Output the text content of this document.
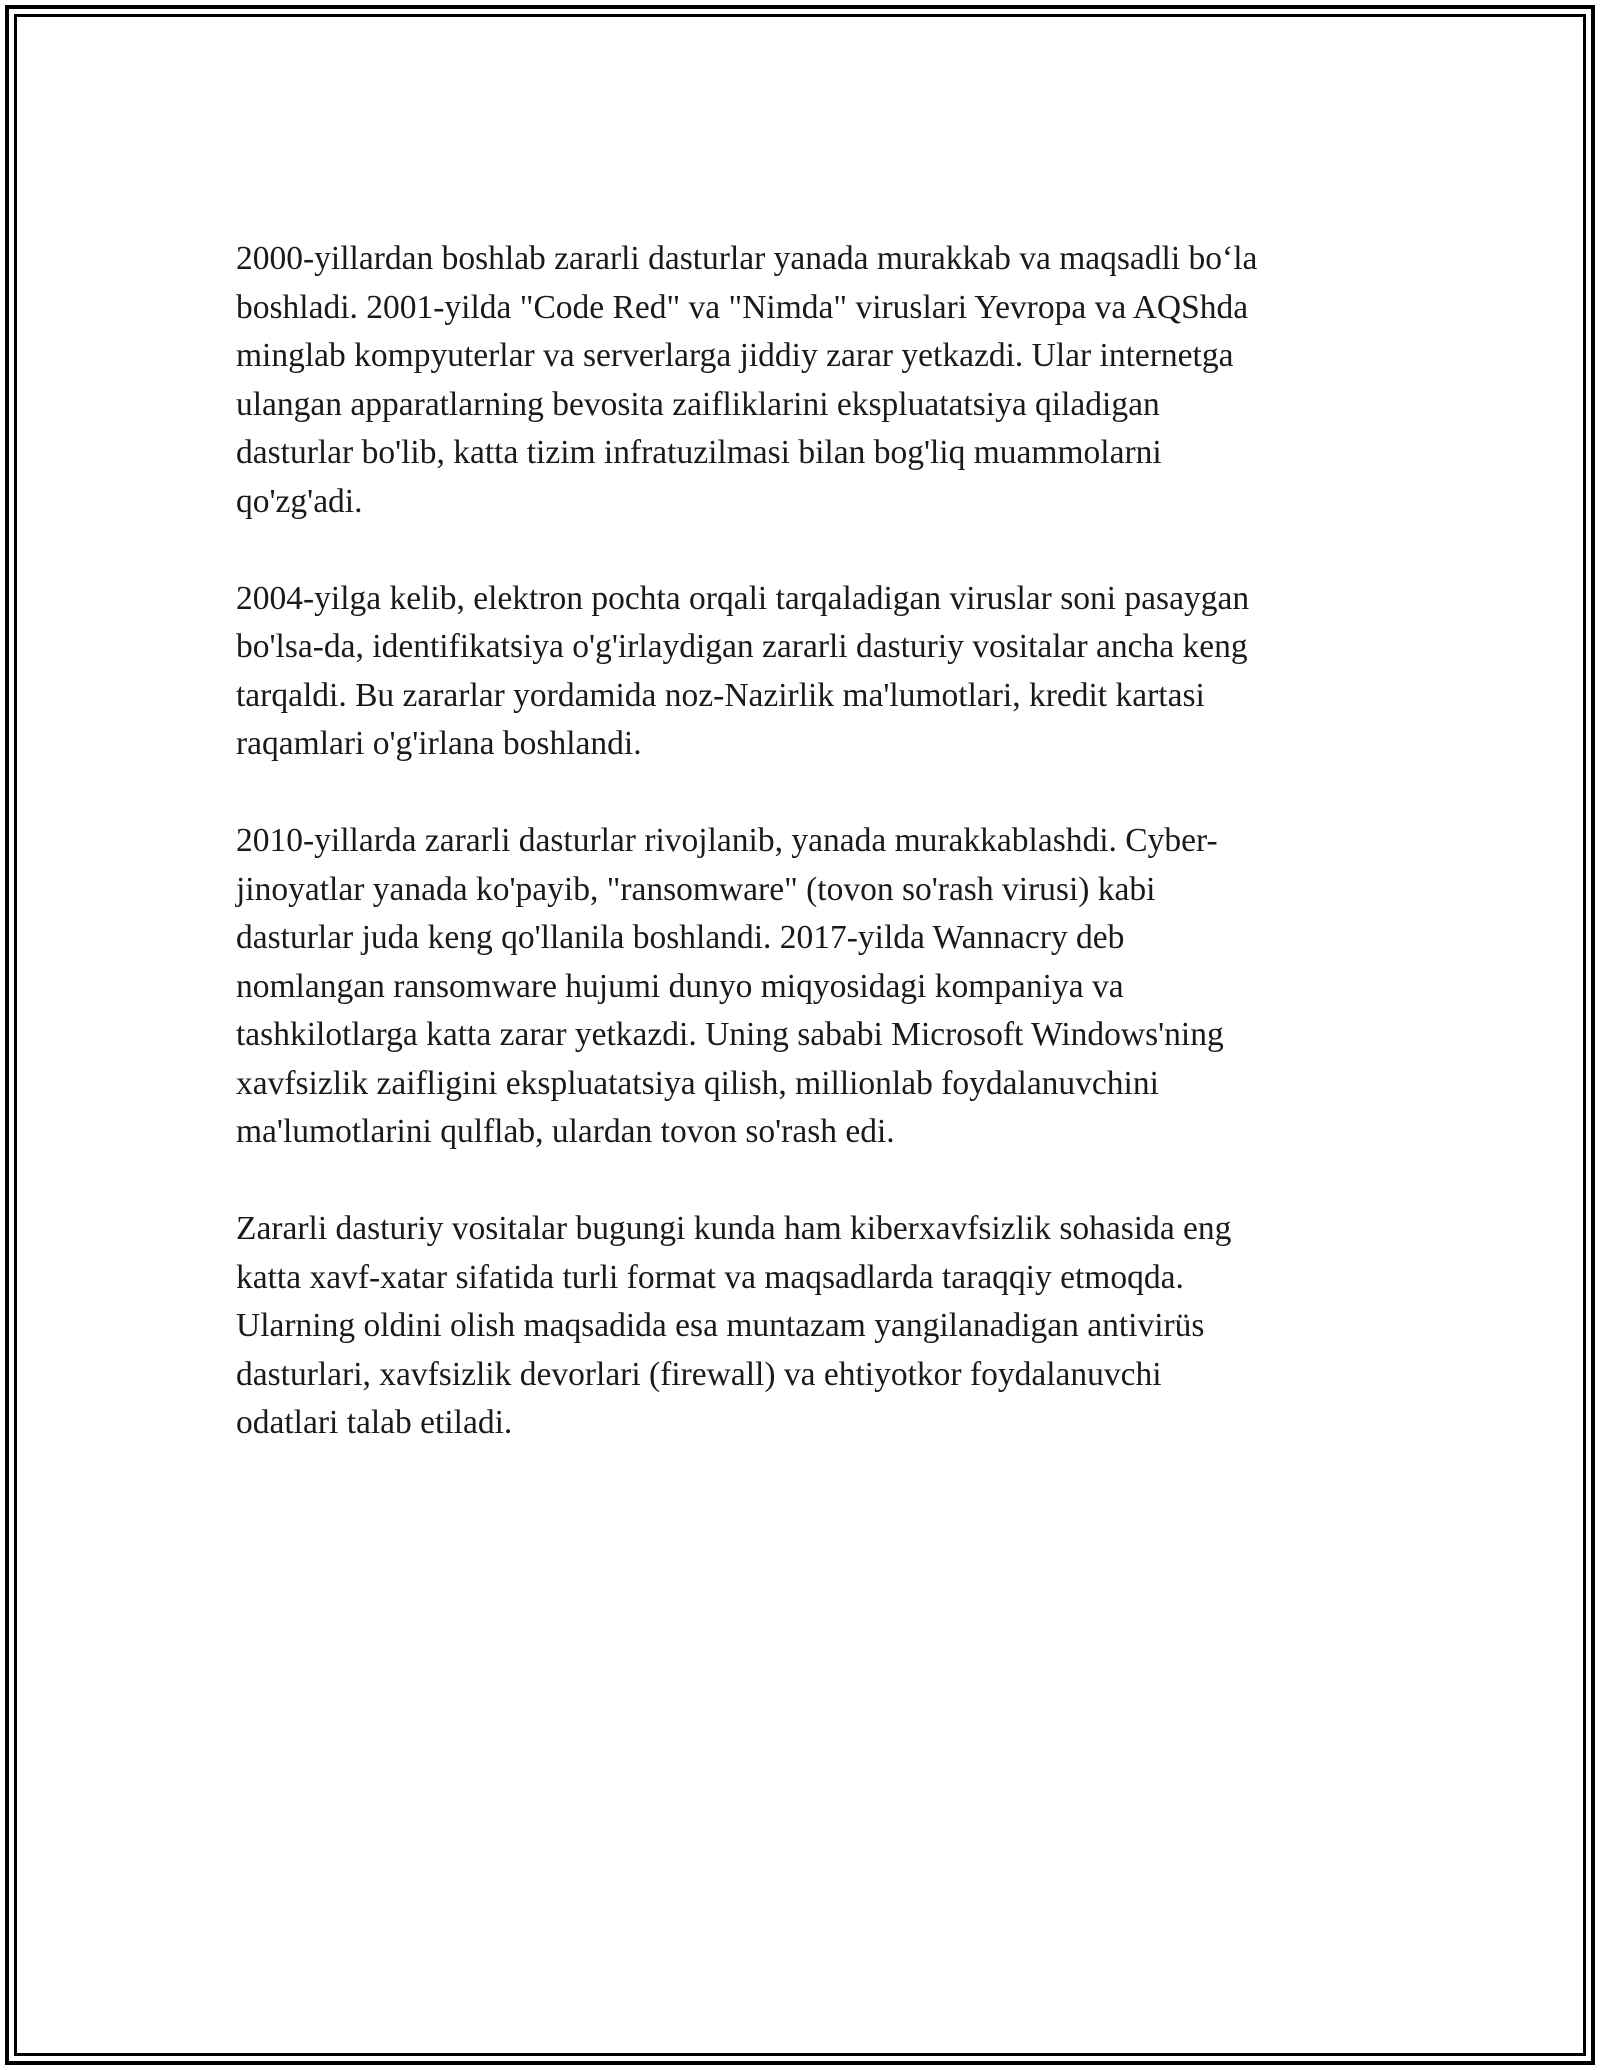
2000-yillardan boshlab zararli dasturlar yanada murakkab va maqsadli bo‘la
boshladi. 2001-yilda "Code Red" va "Nimda" viruslari Yevropa va AQShda
minglab kompyuterlar va serverlarga jiddiy zarar yetkazdi. Ular internetga
ulangan apparatlarning bevosita zaifliklarini ekspluatatsiya qiladigan
dasturlar bo'lib, katta tizim infratuzilmasi bilan bog'liq muammolarni
qo'zg'adi.

2004-yilga kelib, elektron pochta orqali tarqaladigan viruslar soni pasaygan
bo'lsa-da, identifikatsiya o'g'irlaydigan zararli dasturiy vositalar ancha keng
tarqaldi. Bu zararlar yordamida noz-Nazirlik ma'lumotlari, kredit kartasi
raqamlari o'g'irlana boshlandi.

2010-yillarda zararli dasturlar rivojlanib, yanada murakkablashdi. Cyber-
jinoyatlar yanada ko'payib, "ransomware" (tovon so'rash virusi) kabi
dasturlar juda keng qo'llanila boshlandi. 2017-yilda Wannacry deb
nomlangan ransomware hujumi dunyo miqyosidagi kompaniya va
tashkilotlarga katta zarar yetkazdi. Uning sababi Microsoft Windows'ning
xavfsizlik zaifligini ekspluatatsiya qilish, millionlab foydalanuvchini
ma'lumotlarini qulflab, ulardan tovon so'rash edi.

Zararli dasturiy vositalar bugungi kunda ham kiberxavfsizlik sohasida eng
katta xavf-xatar sifatida turli format va maqsadlarda taraqqiy etmoqda.
Ularning oldini olish maqsadida esa muntazam yangilanadigan antivirüs
dasturlari, xavfsizlik devorlari (firewall) va ehtiyotkor foydalanuvchi
odatlari talab etiladi.
